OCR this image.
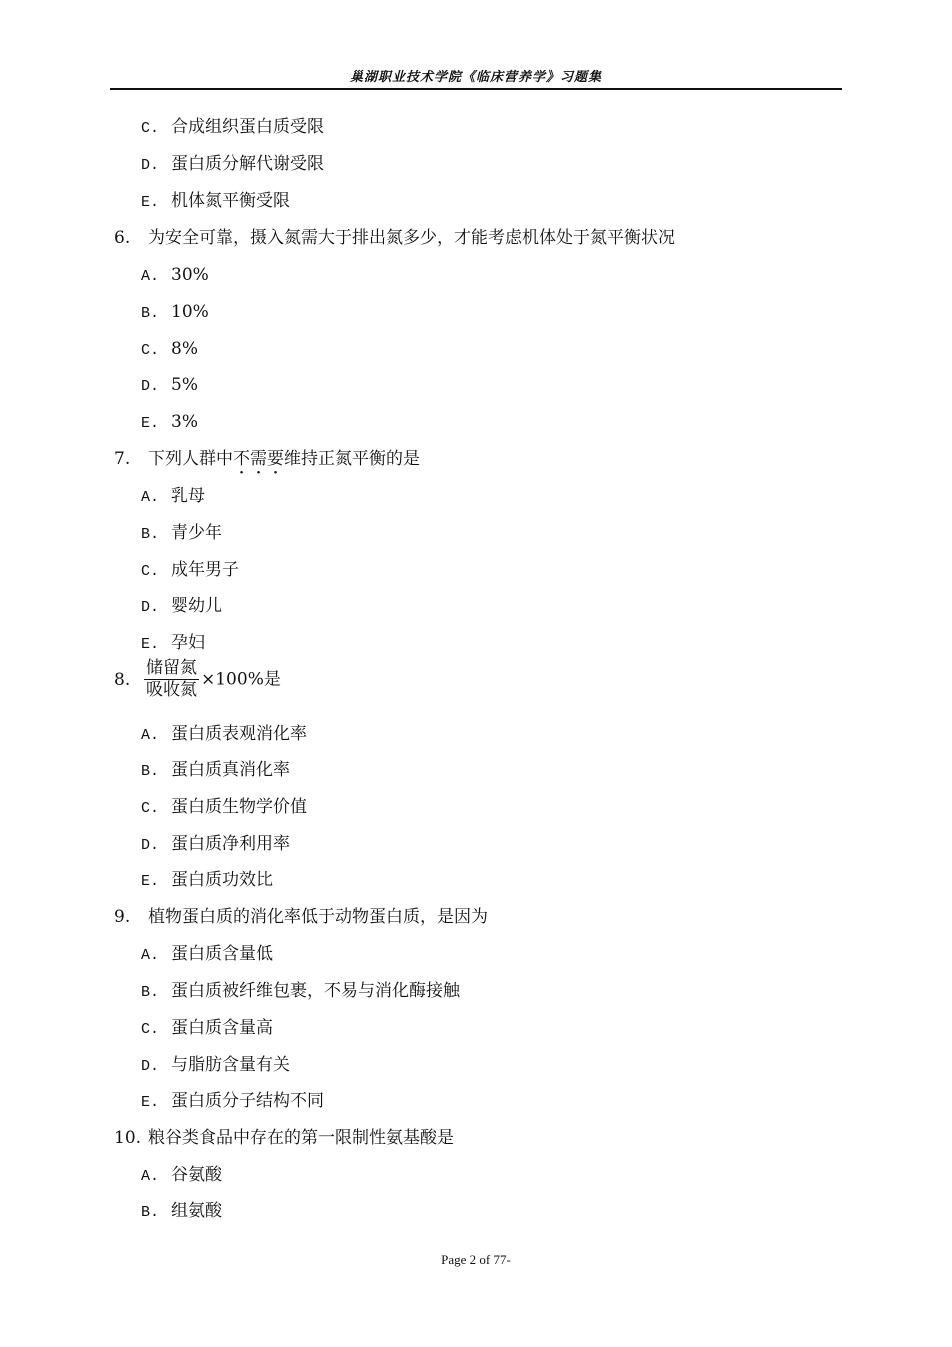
巢湖职业技术学院《临床营养学》习题集
C. 合成组织蛋白质受限
D. 蛋白质分解代谢受限
E. 机体氮平衡受限
6. 为安全可靠，摄入氮需大于排出氮多少，才能考虑机体处于氮平衡状况
A. 30%
B. 10%
C. 8%
D. 5%
E. 3%
7. 下列人群中不需要维持正氮平衡的是
A. 乳母
B. 青少年
C. 成年男子
D. 婴幼儿
E. 孕妇
8. $\frac{\text{储留氮}}{\text{吸收氮}} \times 100\%$是
A. 蛋白质表观消化率
B. 蛋白质真消化率
C. 蛋白质生物学价值
D. 蛋白质净利用率
E. 蛋白质功效比
9. 植物蛋白质的消化率低于动物蛋白质，是因为
A. 蛋白质含量低
B. 蛋白质被纤维包裹，不易与消化酶接触
C. 蛋白质含量高
D. 与脂肪含量有关
E. 蛋白质分子结构不同
10. 粮谷类食品中存在的第一限制性氨基酸是
A. 谷氨酸
B. 组氨酸
Page 2 of 77-
